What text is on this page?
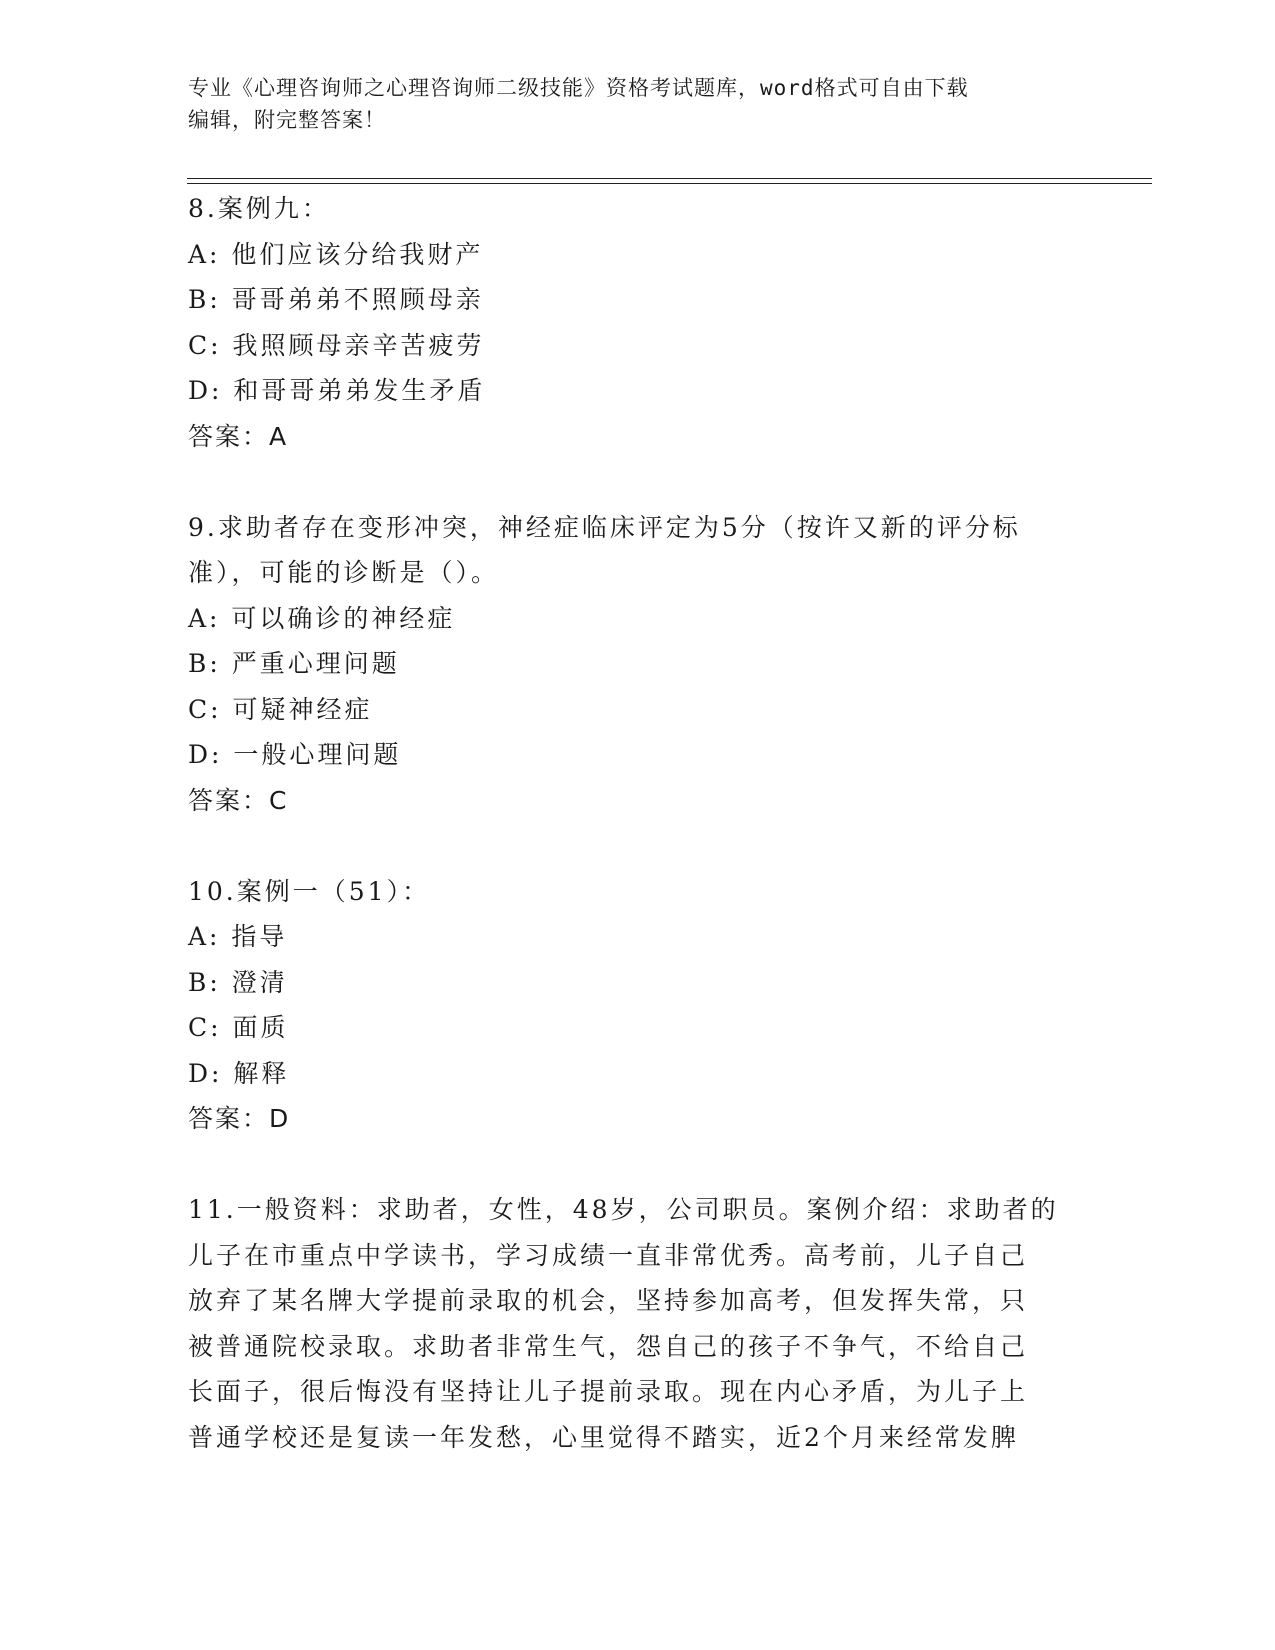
专业《心理咨询师之心理咨询师二级技能》资格考试题库，word格式可自由下载
编辑，附完整答案！
8.案例九：
A: 他们应该分给我财产
B: 哥哥弟弟不照顾母亲
C: 我照顾母亲辛苦疲劳
D: 和哥哥弟弟发生矛盾
答案：A
9.求助者存在变形冲突，神经症临床评定为5分（按许又新的评分标
准），可能的诊断是（）。
A: 可以确诊的神经症
B: 严重心理问题
C: 可疑神经症
D: 一般心理问题
答案：C
10.案例一（51）：
A: 指导
B: 澄清
C: 面质
D: 解释
答案：D
11.一般资料：求助者，女性，48岁，公司职员。案例介绍：求助者的
儿子在市重点中学读书，学习成绩一直非常优秀。高考前，儿子自己
放弃了某名牌大学提前录取的机会，坚持参加高考，但发挥失常，只
被普通院校录取。求助者非常生气，怨自己的孩子不争气，不给自己
长面子，很后悔没有坚持让儿子提前录取。现在内心矛盾，为儿子上
普通学校还是复读一年发愁，心里觉得不踏实，近2个月来经常发脾
